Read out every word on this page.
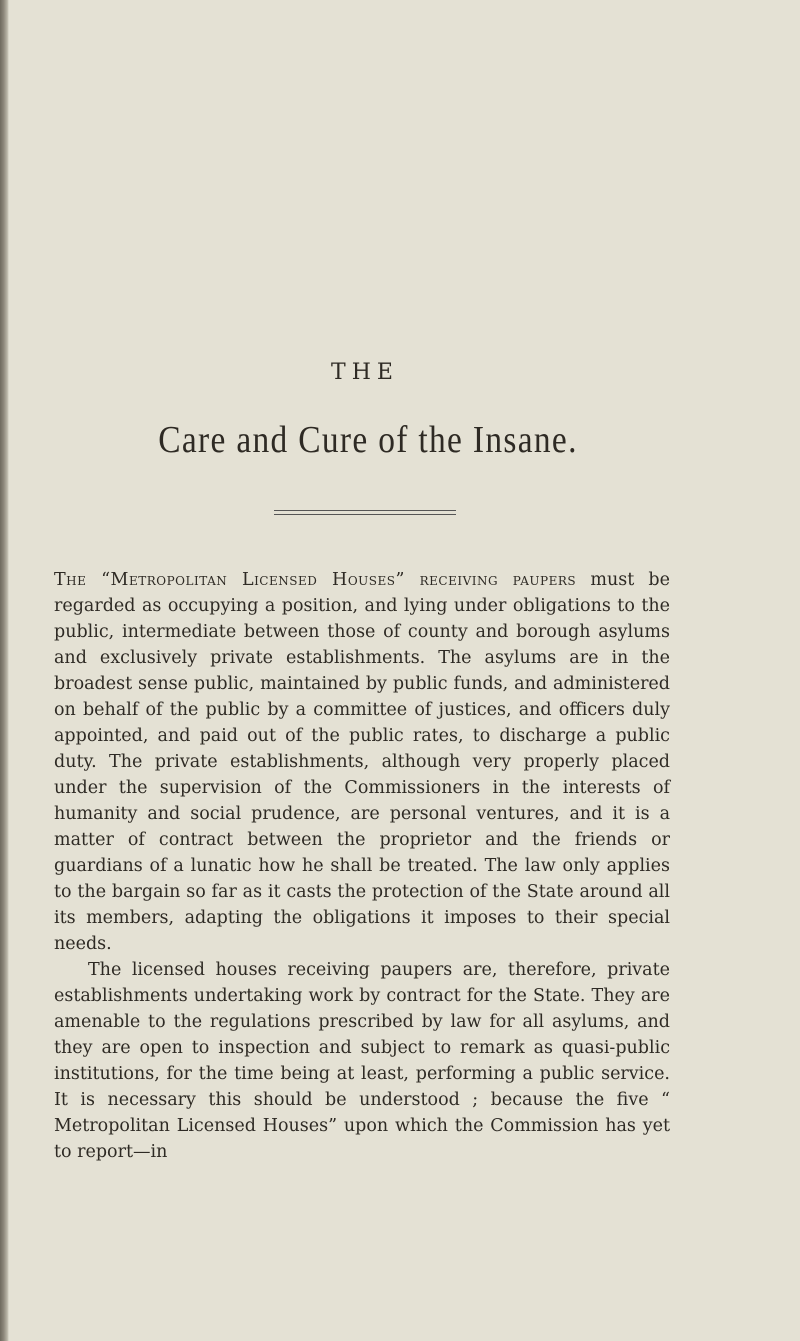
THE
Care and Cure of the Insane.

The “Metropolitan Licensed Houses” receiving paupers must be regarded as occupying a position, and lying under obligations to the public, intermediate between those of county and borough asylums and exclusively private establishments. The asylums are in the broadest sense public, maintained by public funds, and administered on behalf of the public by a committee of justices, and officers duly appointed, and paid out of the public rates, to discharge a public duty. The private establishments, although very properly placed under the supervision of the Commissioners in the interests of humanity and social prudence, are personal ventures, and it is a matter of contract between the proprietor and the friends or guardians of a lunatic how he shall be treated. The law only applies to the bargain so far as it casts the protection of the State around all its members, adapting the obligations it imposes to their special needs.

The licensed houses receiving paupers are, therefore, private establishments undertaking work by contract for the State. They are amenable to the regulations prescribed by law for all asylums, and they are open to inspection and subject to remark as quasi-public institutions, for the time being at least, performing a public service. It is necessary this should be understood ; because the five “ Metropolitan Licensed Houses” upon which the Commission has yet to report—in
